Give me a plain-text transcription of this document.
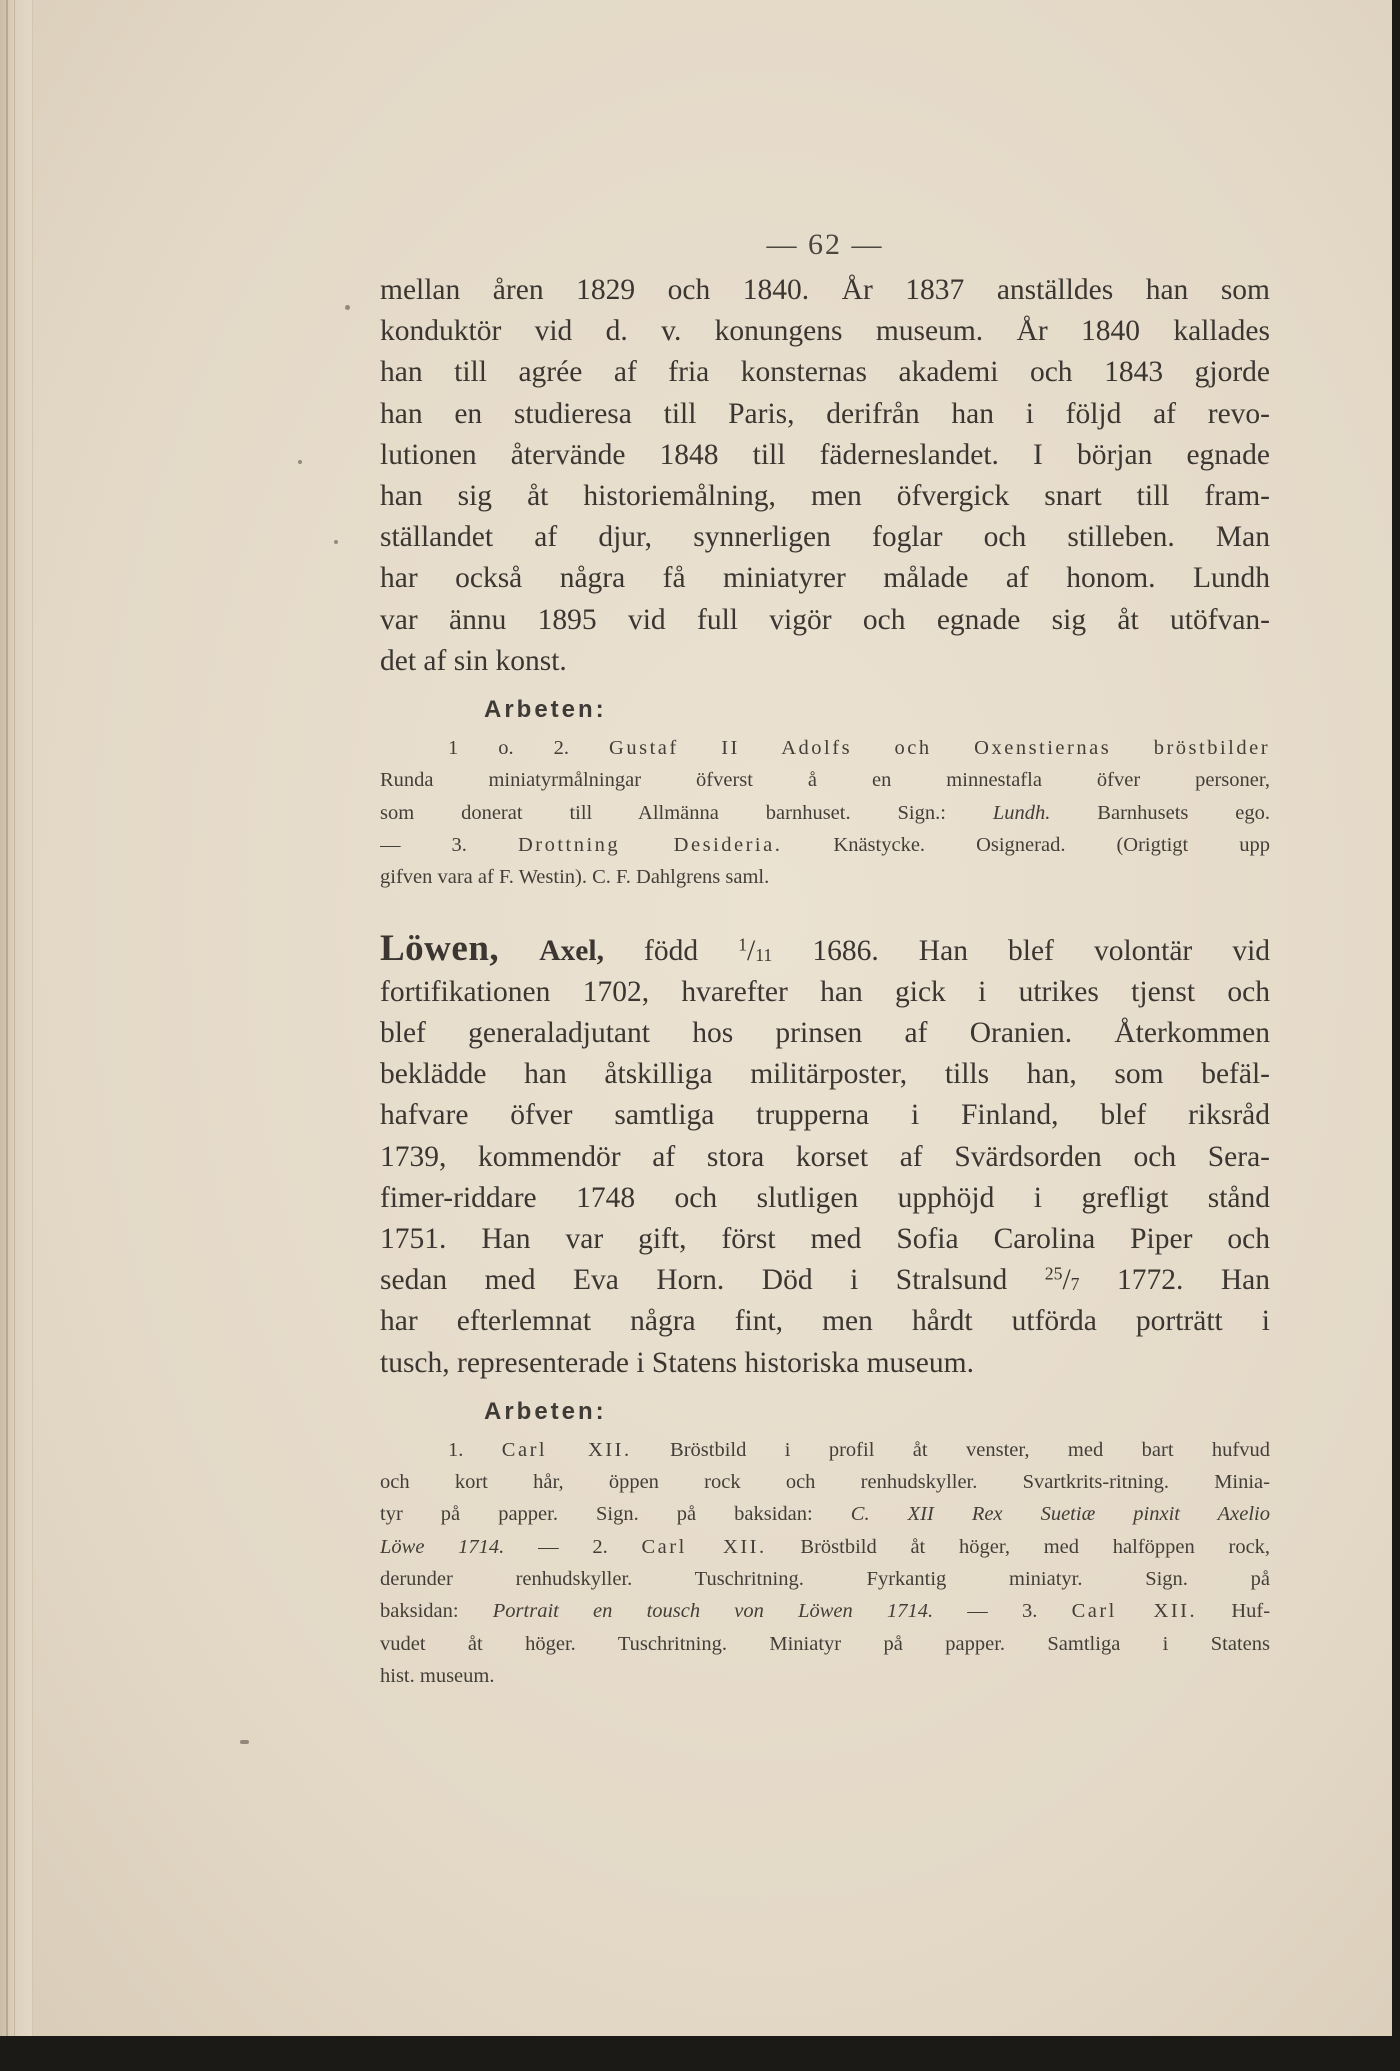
— 62 —

mellan åren 1829 och 1840. År 1837 anställdes han som
konduktör vid d. v. konungens museum. År 1840 kallades
han till agrée af fria konsternas akademi och 1843 gjorde
han en studieresa till Paris, derifrån han i följd af revo-
lutionen återvände 1848 till fäderneslandet. I början egnade
han sig åt historiemålning, men öfvergick snart till fram-
ställandet af djur, synnerligen foglar och stilleben. Man
har också några få miniatyrer målade af honom. Lundh
var ännu 1895 vid full vigör och egnade sig åt utöfvan-
det af sin konst.

Arbeten:

1 o. 2. Gustaf II Adolfs och Oxenstiernas bröstbilder
Runda miniatyrmålningar öfverst å en minnestafla öfver personer,
som donerat till Allmänna barnhuset. Sign.: Lundh. Barnhusets ego.
— 3. Drottning Desideria. Knästycke. Osignerad. (Origtigt upp
gifven vara af F. Westin). C. F. Dahlgrens saml.

Löwen, Axel, född $^1/_{11}$ 1686. Han blef volontär vid
fortifikationen 1702, hvarefter han gick i utrikes tjenst och
blef generaladjutant hos prinsen af Oranien. Återkommen
beklädde han åtskilliga militärposter, tills han, som befäl-
hafvare öfver samtliga trupperna i Finland, blef riksråd
1739, kommendör af stora korset af Svärdsorden och Sera-
fimer-riddare 1748 och slutligen upphöjd i grefligt stånd
1751. Han var gift, först med Sofia Carolina Piper och
sedan med Eva Horn. Död i Stralsund $^{25}/_7$ 1772. Han
har efterlemnat några fint, men hårdt utförda porträtt i
tusch, representerade i Statens historiska museum.

Arbeten:

1. Carl XII. Bröstbild i profil åt venster, med bart hufvud
och kort hår, öppen rock och renhudskyller. Svartkrits-ritning. Minia-
tyr på papper. Sign. på baksidan: C. XII Rex Suetiæ pinxit Axelio
Löwe 1714. — 2. Carl XII. Bröstbild åt höger, med halföppen rock,
derunder renhudskyller. Tuschritning. Fyrkantig miniatyr. Sign. på
baksidan: Portrait en tousch von Löwen 1714. — 3. Carl XII. Huf-
vudet åt höger. Tuschritning. Miniatyr på papper. Samtliga i Statens
hist. museum.
